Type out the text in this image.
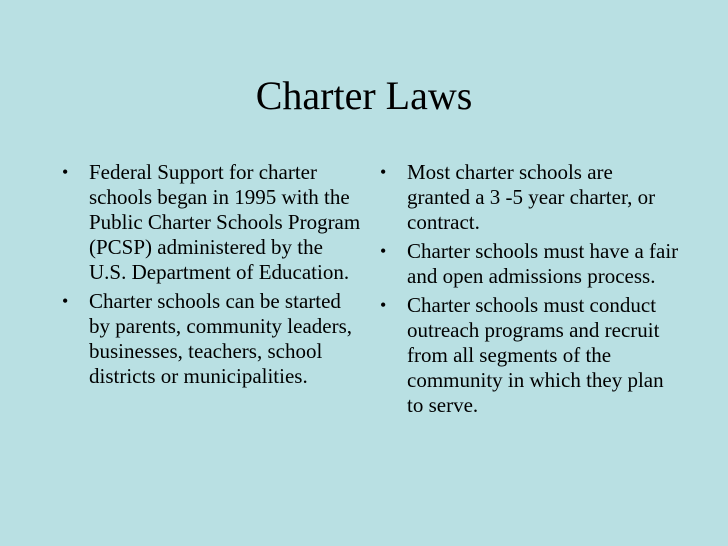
Charter Laws
• Federal Support for charter schools began in 1995 with the Public Charter Schools Program (PCSP) administered by the U.S. Department of Education.
• Charter schools can be started by parents, community leaders, businesses, teachers, school districts or municipalities.
• Most charter schools are granted a 3 -5 year charter, or contract.
• Charter schools must have a fair and open admissions process.
• Charter schools must conduct outreach programs and recruit from all segments of the community in which they plan to serve.
